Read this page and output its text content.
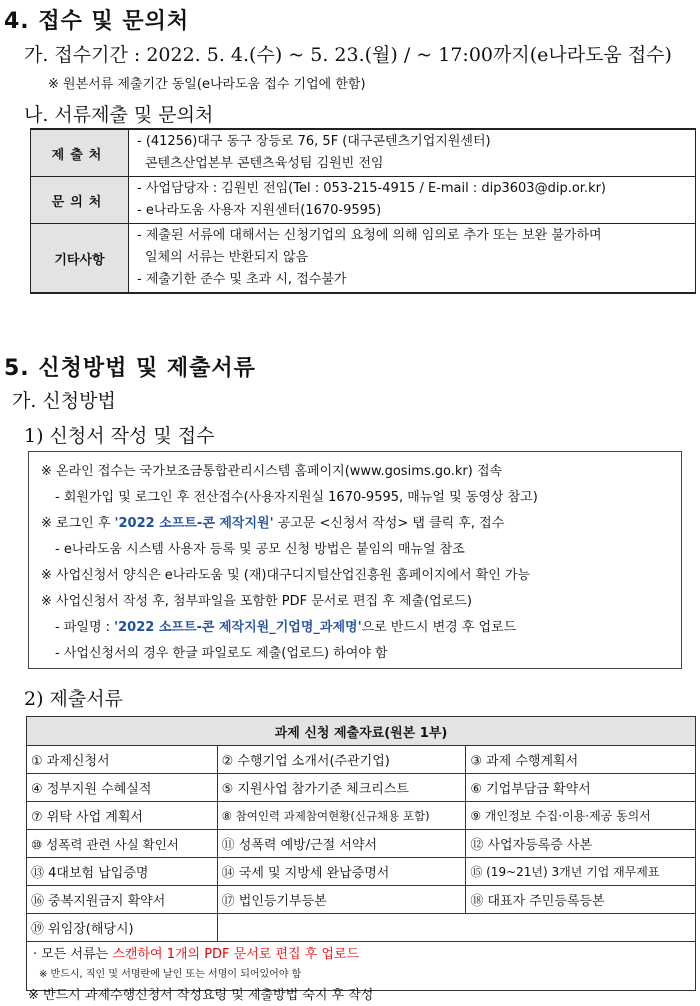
4. 접수 및 문의처
가. 접수기간 : 2022. 5. 4.(수) ~ 5. 23.(월) / ~ 17:00까지(e나라도움 접수)
※ 원본서류 제출기간 동일(e나라도움 접수 기업에 한함)
나. 서류제출 및 문의처
제출처	- (41256)대구 동구 장등로 76, 5F (대구콘텐츠기업지원센터)
콘텐츠산업본부 콘텐츠육성팀 김원빈 전임

문의처	- 사업담당자 : 김원빈 전임(Tel : 053-215-4915 / E-mail : dip3603@dip.or.kr)
- e나라도움 사용자 지원센터(1670-9595)

기타사항	- 제출된 서류에 대해서는 신청기업의 요청에 의해 임의로 추가 또는 보완 불가하며
일체의 서류는 반환되지 않음
- 제출기한 준수 및 초과 시, 접수불가
5. 신청방법 및 제출서류
가. 신청방법
1) 신청서 작성 및 접수
※ 온라인 접수는 국가보조금통합관리시스템 홈페이지(www.gosims.go.kr) 접속
- 회원가입 및 로그인 후 전산접수(사용자지원실 1670-9595, 매뉴얼 및 동영상 참고)
※ 로그인 후 '2022 소프트-콘 제작지원' 공고문 <신청서 작성> 탭 클릭 후, 접수
- e나라도움 시스템 사용자 등록 및 공모 신청 방법은 붙임의 매뉴얼 참조
※ 사업신청서 양식은 e나라도움 및 (재)대구디지털산업진흥원 홈페이지에서 확인 가능
※ 사업신청서 작성 후, 첨부파일을 포함한 PDF 문서로 편집 후 제출(업로드)
- 파일명 : '2022 소프트-콘 제작지원_기업명_과제명'으로 반드시 변경 후 업로드
- 사업신청서의 경우 한글 파일로도 제출(업로드) 하여야 함
2) 제출서류
과제 신청 제출자료(원본 1부)		
① 과제신청서	② 수행기업 소개서(주관기업)	③ 과제 수행계획서
④ 정부지원 수혜실적	⑤ 지원사업 참가기준 체크리스트	⑥ 기업부담금 확약서
⑦ 위탁 사업 계획서	⑧ 참여인력 과제참여현황(신규채용 포함)	⑨ 개인정보 수집·이용·제공 동의서
⑩ 성폭력 관련 사실 확인서	⑪ 성폭력 예방/근절 서약서	⑫ 사업자등록증 사본
⑬ 4대보험 납입증명	⑭ 국세 및 지방세 완납증명서	⑮ (19~21년) 3개년 기업 재무제표
⑯ 중복지원금지 확약서	⑰ 법인등기부등본	⑱ 대표자 주민등록등본
⑲ 위임장(해당시)		

· 모든 서류는 스캔하여 1개의 PDF 문서로 편집 후 업로드
※ 반드시, 직인 및 서명란에 날인 또는 서명이 되어있어야 함		
※ 반드시 과제수행신청서 작성요령 및 제출방법 숙지 후 작성
